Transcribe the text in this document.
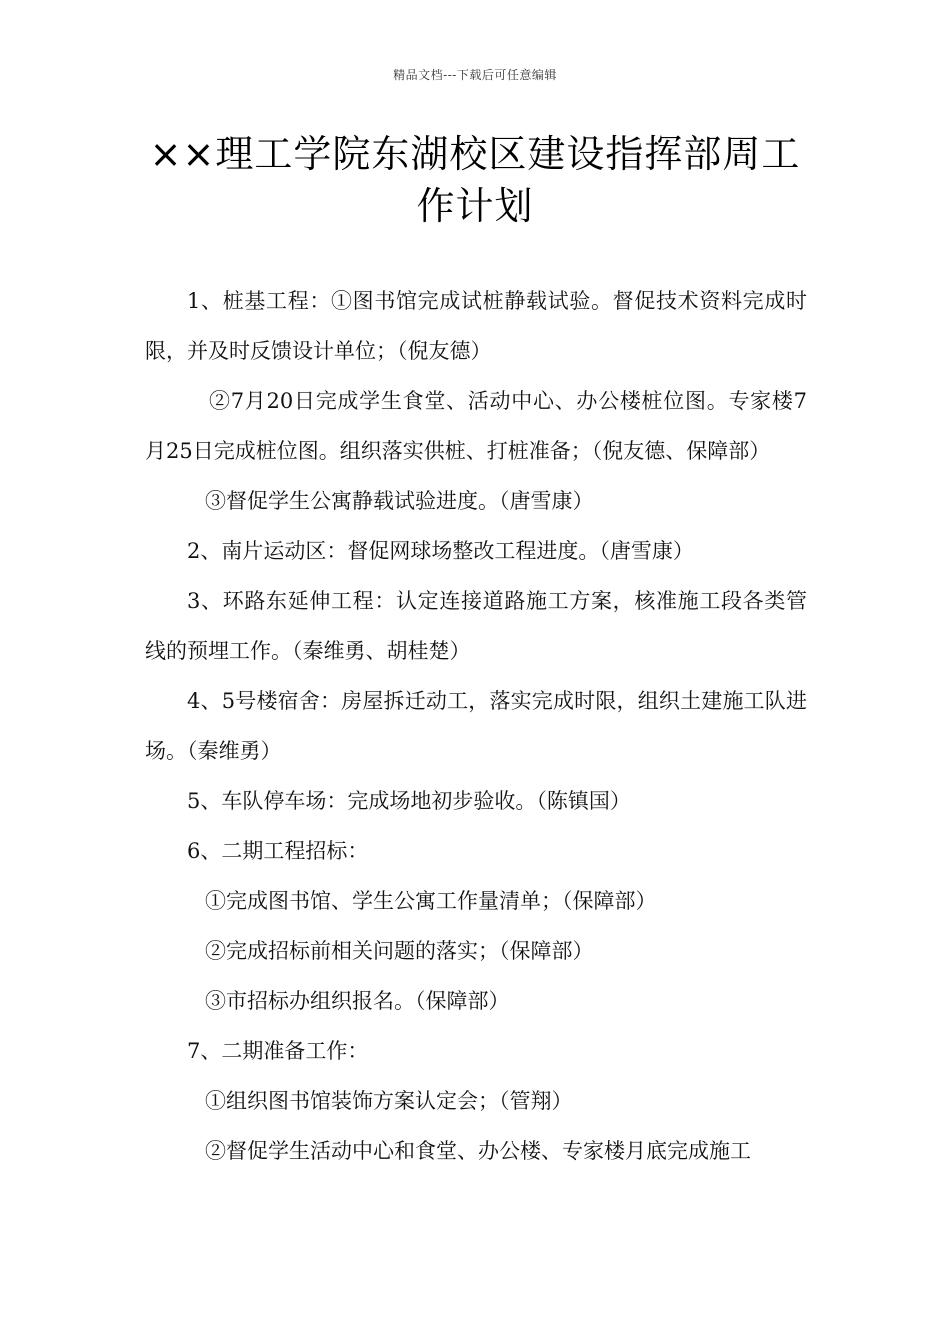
精品文档---下载后可任意编辑
××理工学院东湖校区建设指挥部周工作计划

1、桩基工程：①图书馆完成试桩静载试验。督促技术资料完成时限，并及时反馈设计单位；（倪友德）

②7月20日完成学生食堂、活动中心、办公楼桩位图。专家楼7月25日完成桩位图。组织落实供桩、打桩准备；（倪友德、保障部）

③督促学生公寓静载试验进度。（唐雪康）

2、南片运动区：督促网球场整改工程进度。（唐雪康）

3、环路东延伸工程：认定连接道路施工方案，核准施工段各类管线的预埋工作。（秦维勇、胡桂楚）

4、5号楼宿舍：房屋拆迁动工，落实完成时限，组织土建施工队进场。（秦维勇）

5、车队停车场：完成场地初步验收。（陈镇国）

6、二期工程招标：

①完成图书馆、学生公寓工作量清单；（保障部）

②完成招标前相关问题的落实；（保障部）

③市招标办组织报名。（保障部）

7、二期准备工作：

①组织图书馆装饰方案认定会；（管翔）

②督促学生活动中心和食堂、办公楼、专家楼月底完成施工
